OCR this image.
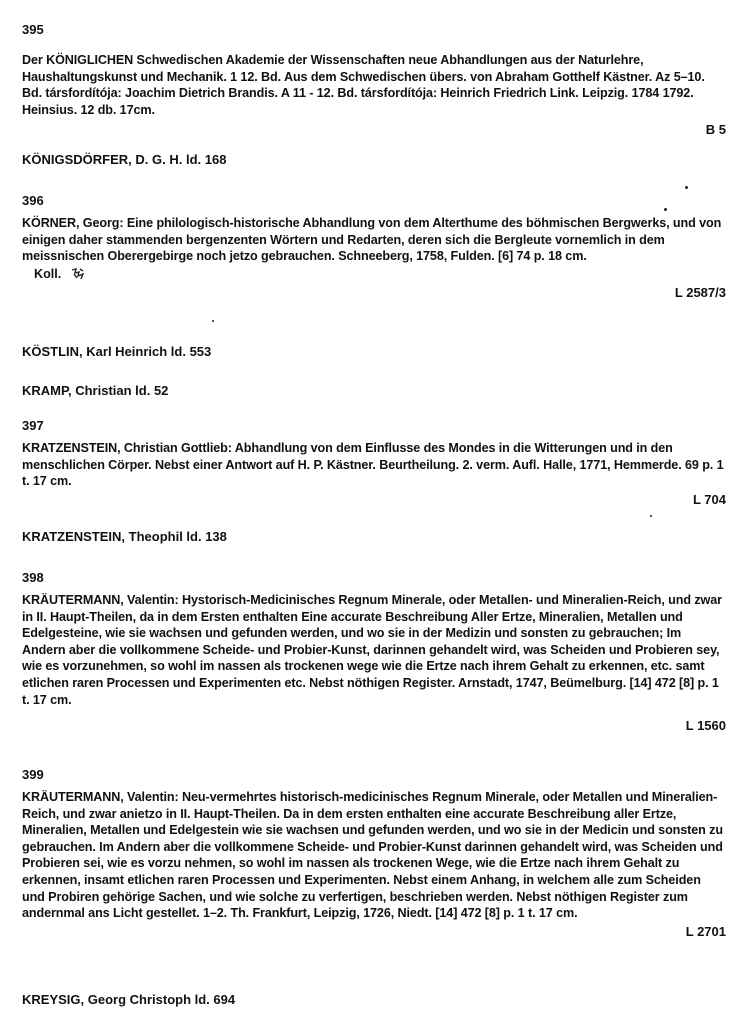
395

Der KÖNIGLICHEN Schwedischen Akademie der Wissenschaften neue Abhandlungen aus der Naturlehre, Haushaltungskunst und Mechanik. 1 12. Bd. Aus dem Schwedischen übers. von Abraham Gotthelf Kästner. Az 5–10. Bd. társfordítója: Joachim Dietrich Brandis. A 11 - 12. Bd. társfordítója: Heinrich Friedrich Link. Leipzig. 1784 1792. Heinsius. 12 db. 17cm.

B 5

KÖNIGSDÖRFER, D. G. H. ld. 168

396

KÖRNER, Georg: Eine philologisch-historische Abhandlung von dem Alterthume des böhmischen Bergwerks, und von einigen daher stammenden bergenzenten Wörtern und Redarten, deren sich die Bergleute vornemlich in dem meissnischen Oberergebirge noch jetzo gebrauchen. Schneeberg, 1758, Fulden. [6] 74 p. 18 cm.

Koll.

L 2587/3

KÖSTLIN, Karl Heinrich ld. 553

KRAMP, Christian ld. 52

397

KRATZENSTEIN, Christian Gottlieb: Abhandlung von dem Einflusse des Mondes in die Witterungen und in den menschlichen Cörper. Nebst einer Antwort auf H. P. Kästner. Beurtheilung. 2. verm. Aufl. Halle, 1771, Hemmerde. 69 p. 1 t. 17 cm.

L 704

KRATZENSTEIN, Theophil ld. 138

398

KRÄUTERMANN, Valentin: Hystorisch-Medicinisches Regnum Minerale, oder Metallen- und Mineralien-Reich, und zwar in II. Haupt-Theilen, da in dem Ersten enthalten Eine accurate Beschreibung Aller Ertze, Mineralien, Metallen und Edelgesteine, wie sie wachsen und gefunden werden, und wo sie in der Medizin und sonsten zu gebrauchen; Im Andern aber die vollkommene Scheide- und Probier-Kunst, darinnen gehandelt wird, was Scheiden und Probieren sey, wie es vorzunehmen, so wohl im nassen als trockenen wege wie die Ertze nach ihrem Gehalt zu erkennen, etc. samt etlichen raren Processen und Experimenten etc. Nebst nöthigen Register. Arnstadt, 1747, Beümelburg. [14] 472 [8] p. 1 t. 17 cm.

L 1560

399

KRÄUTERMANN, Valentin: Neu-vermehrtes historisch-medicinisches Regnum Minerale, oder Metallen und Mineralien-Reich, und zwar anietzo in II. Haupt-Theilen. Da in dem ersten enthalten eine accurate Beschreibung aller Ertze, Mineralien, Metallen und Edelgestein wie sie wachsen und gefunden werden, und wo sie in der Medicin und sonsten zu gebrauchen. Im Andern aber die vollkommene Scheide- und Probier-Kunst darinnen gehandelt wird, was Scheiden und Probieren sei, wie es vorzu nehmen, so wohl im nassen als trockenen Wege, wie die Ertze nach ihrem Gehalt zu erkennen, insamt etlichen raren Processen und Experimenten. Nebst einem Anhang, in welchem alle zum Scheiden und Probiren gehörige Sachen, und wie solche zu verfertigen, beschrieben werden. Nebst nöthigen Register zum andernmal ans Licht gestellet. 1–2. Th. Frankfurt, Leipzig, 1726, Niedt. [14] 472 [8] p. 1 t. 17 cm.

L 2701

KREYSIG, Georg Christoph ld. 694
